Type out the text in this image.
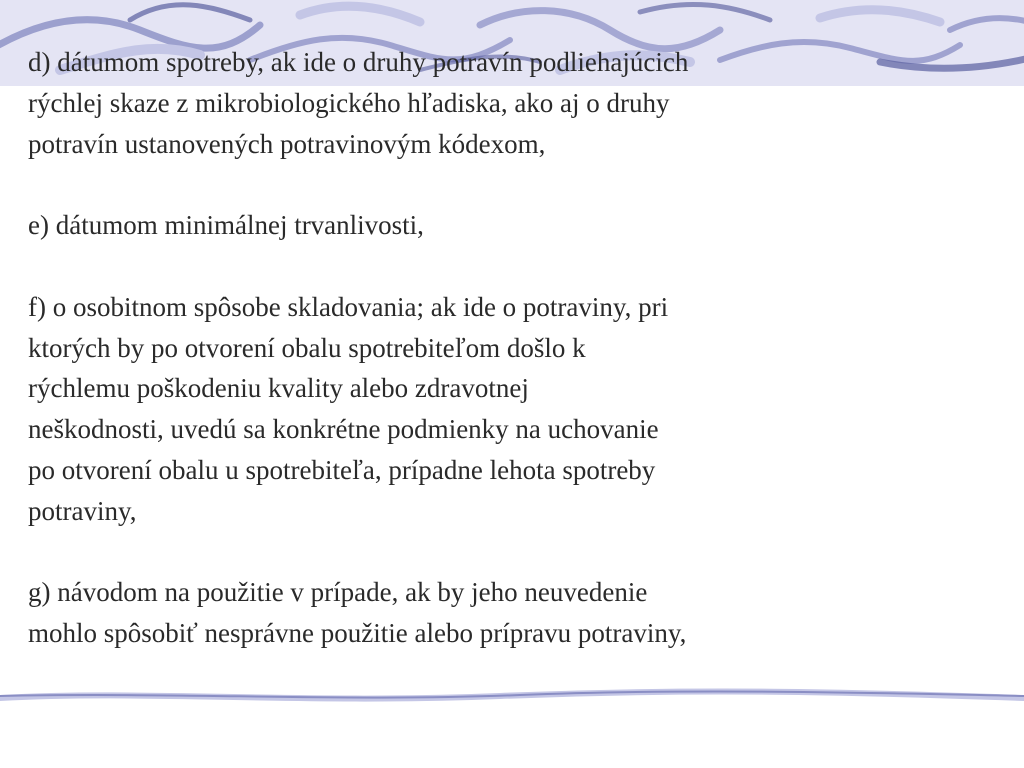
d) dátumom spotreby, ak ide o druhy potravín podliehajúcich
rýchlej skaze z mikrobiologického hľadiska, ako aj o druhy
potravín ustanovených potravinovým kódexom,

e) dátumom minimálnej trvanlivosti,

f) o osobitnom spôsobe skladovania; ak ide o potraviny, pri
ktorých by po otvorení obalu spotrebiteľom došlo k
rýchlemu poškodeniu kvality alebo zdravotnej
neškodnosti, uvedú sa konkrétne podmienky na uchovanie
po otvorení obalu u spotrebiteľa, prípadne lehota spotreby
potraviny,

g) návodom na použitie v prípade, ak by jeho neuvedenie
mohlo spôsobiť nesprávne použitie alebo prípravu potraviny,
